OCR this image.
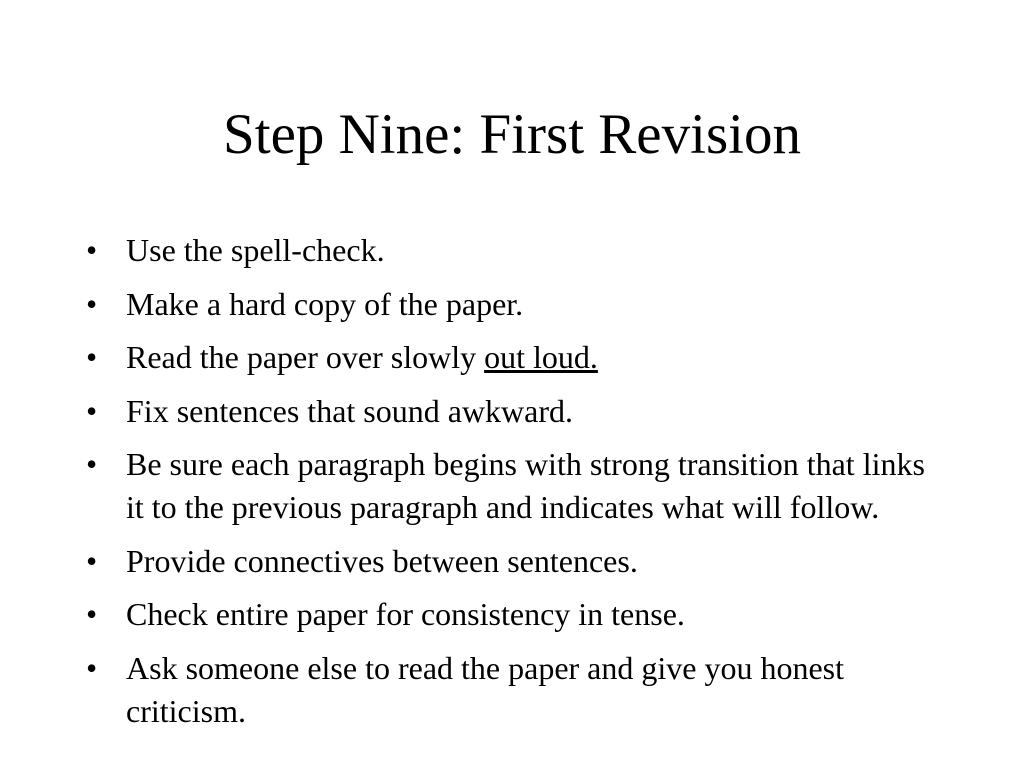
Step Nine: First Revision
• Use the spell-check.
• Make a hard copy of the paper.
• Read the paper over slowly out loud.
• Fix sentences that sound awkward.
• Be sure each paragraph begins with strong transition that links it to the previous paragraph and indicates what will follow.
• Provide connectives between sentences.
• Check entire paper for consistency in tense.
• Ask someone else to read the paper and give you honest criticism.
